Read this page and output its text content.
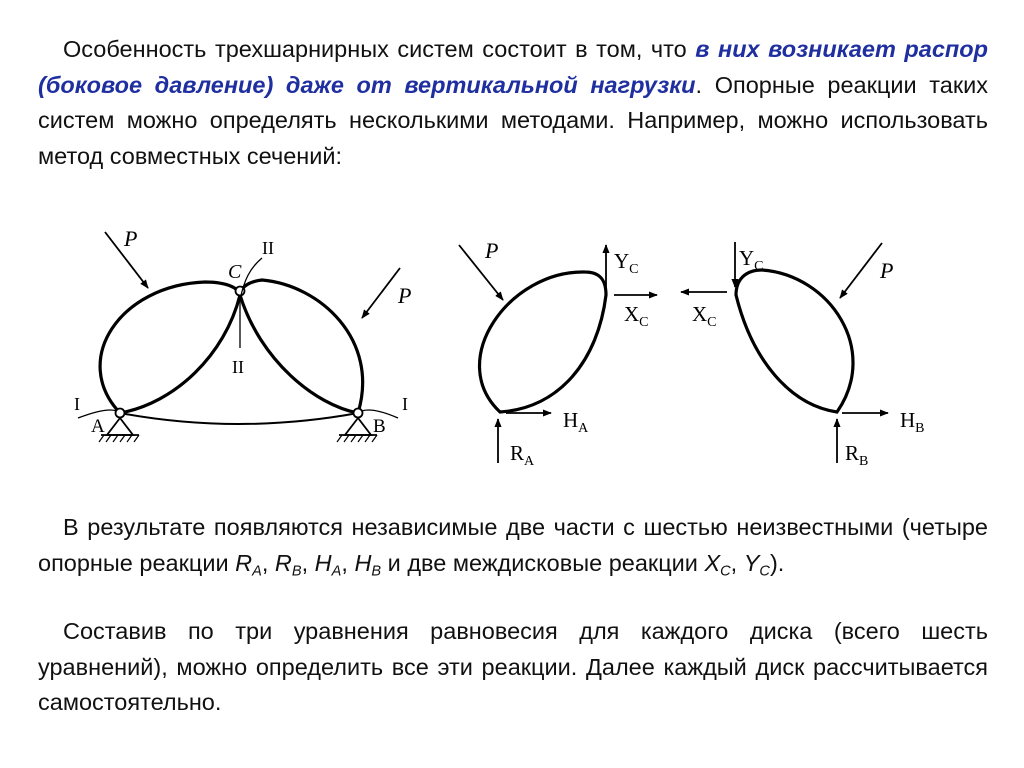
Особенность трехшарнирных систем состоит в том, что в них возникает распор (боковое давление) даже от вертикальной нагрузки. Опорные реакции таких систем можно определять несколькими методами. Например, можно использовать метод совместных сечений:

P
P
C
II
II
I	I
A	B
P	$Y_C$
$X_C$
$H_A$
$R_A$
$Y_C$
$X_C$
P
$H_B$
$R_B$

В результате появляются независимые две части с шестью неизвестными (четыре опорные реакции $R_A$, $R_B$, $H_A$, $H_B$ и две междисковые реакции $X_C$, $Y_C$).

Составив по три уравнения равновесия для каждого диска (всего шесть уравнений), можно определить все эти реакции. Далее каждый диск рассчитывается самостоятельно.
